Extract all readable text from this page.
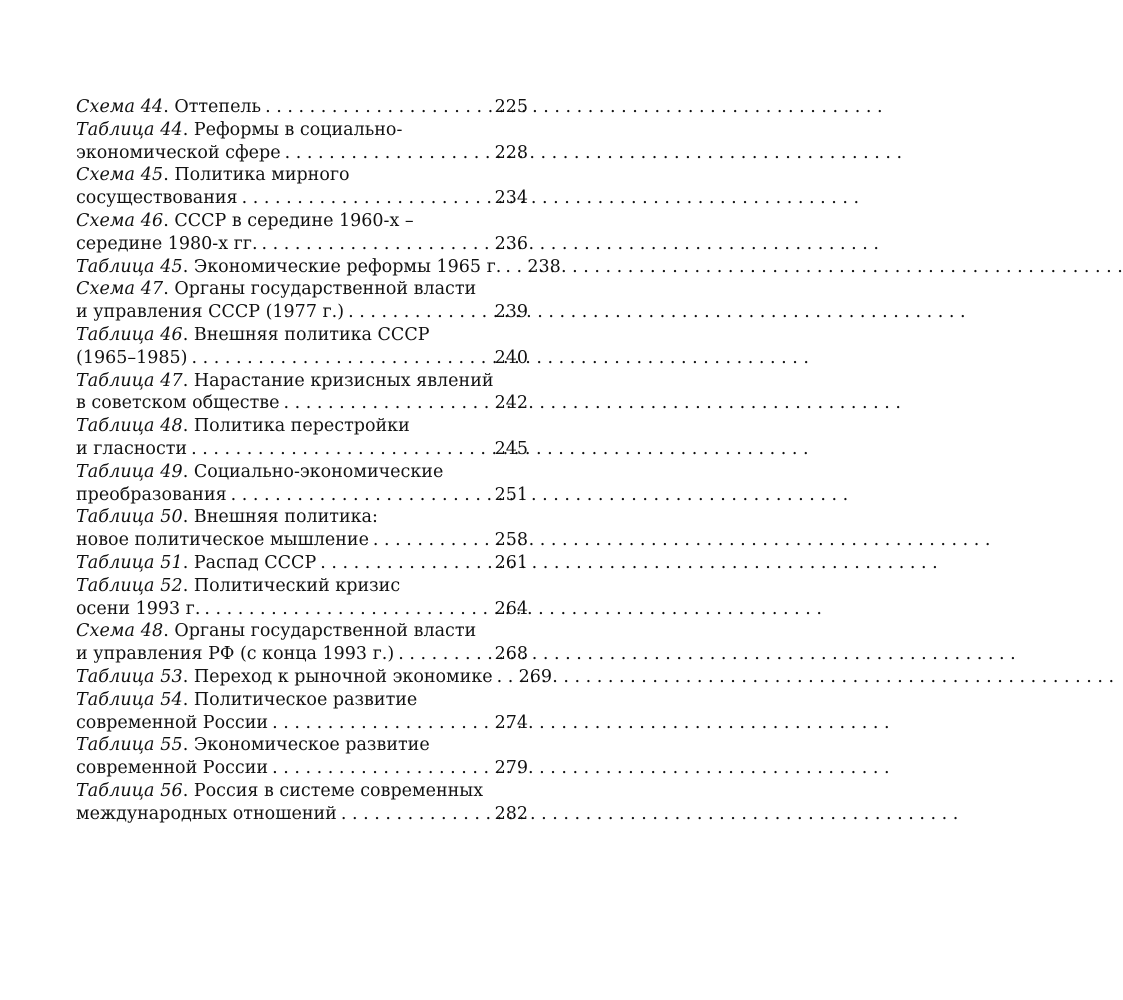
Схема 44 . Оттепель . . .	225
Таблица 44 . Реформы в социально-
экономической сфере . . .	228
Схема 45 . Политика мирного
сосуществования . . .	234
Схема 46 . СССР в середине 1960-х –
середине 1980-х гг. . . .	236
Таблица 45 . Экономические реформы 1965 г. . . . 238
Схема 47 . Органы государственной власти
и управления СССР (1977 г.) . . .	239
Таблица 46 . Внешняя политика СССР
(1965–1985) . . .	240
Таблица 47 . Нарастание кризисных явлений
в советском обществе . . .	242
Таблица 48 . Политика перестройки
и гласности . . .	245
Таблица 49 . Социально-экономические
преобразования . . .	251
Таблица 50 . Внешняя политика:
новое политическое мышление . . .	258
Таблица 51 . Распад СССР . . .	261
Таблица 52 . Политический кризис
осени 1993 г. . . .	264
Схема 48 . Органы государственной власти
и управления РФ (с конца 1993 г.) . . .	268
Таблица 53 . Переход к рыночной экономике . . . 269
Таблица 54 . Политическое развитие
современной России . . .	274
Таблица 55 . Экономическое развитие
современной России . . .	279
Таблица 56 . Россия в системе современных
международных отношений . . .	282
